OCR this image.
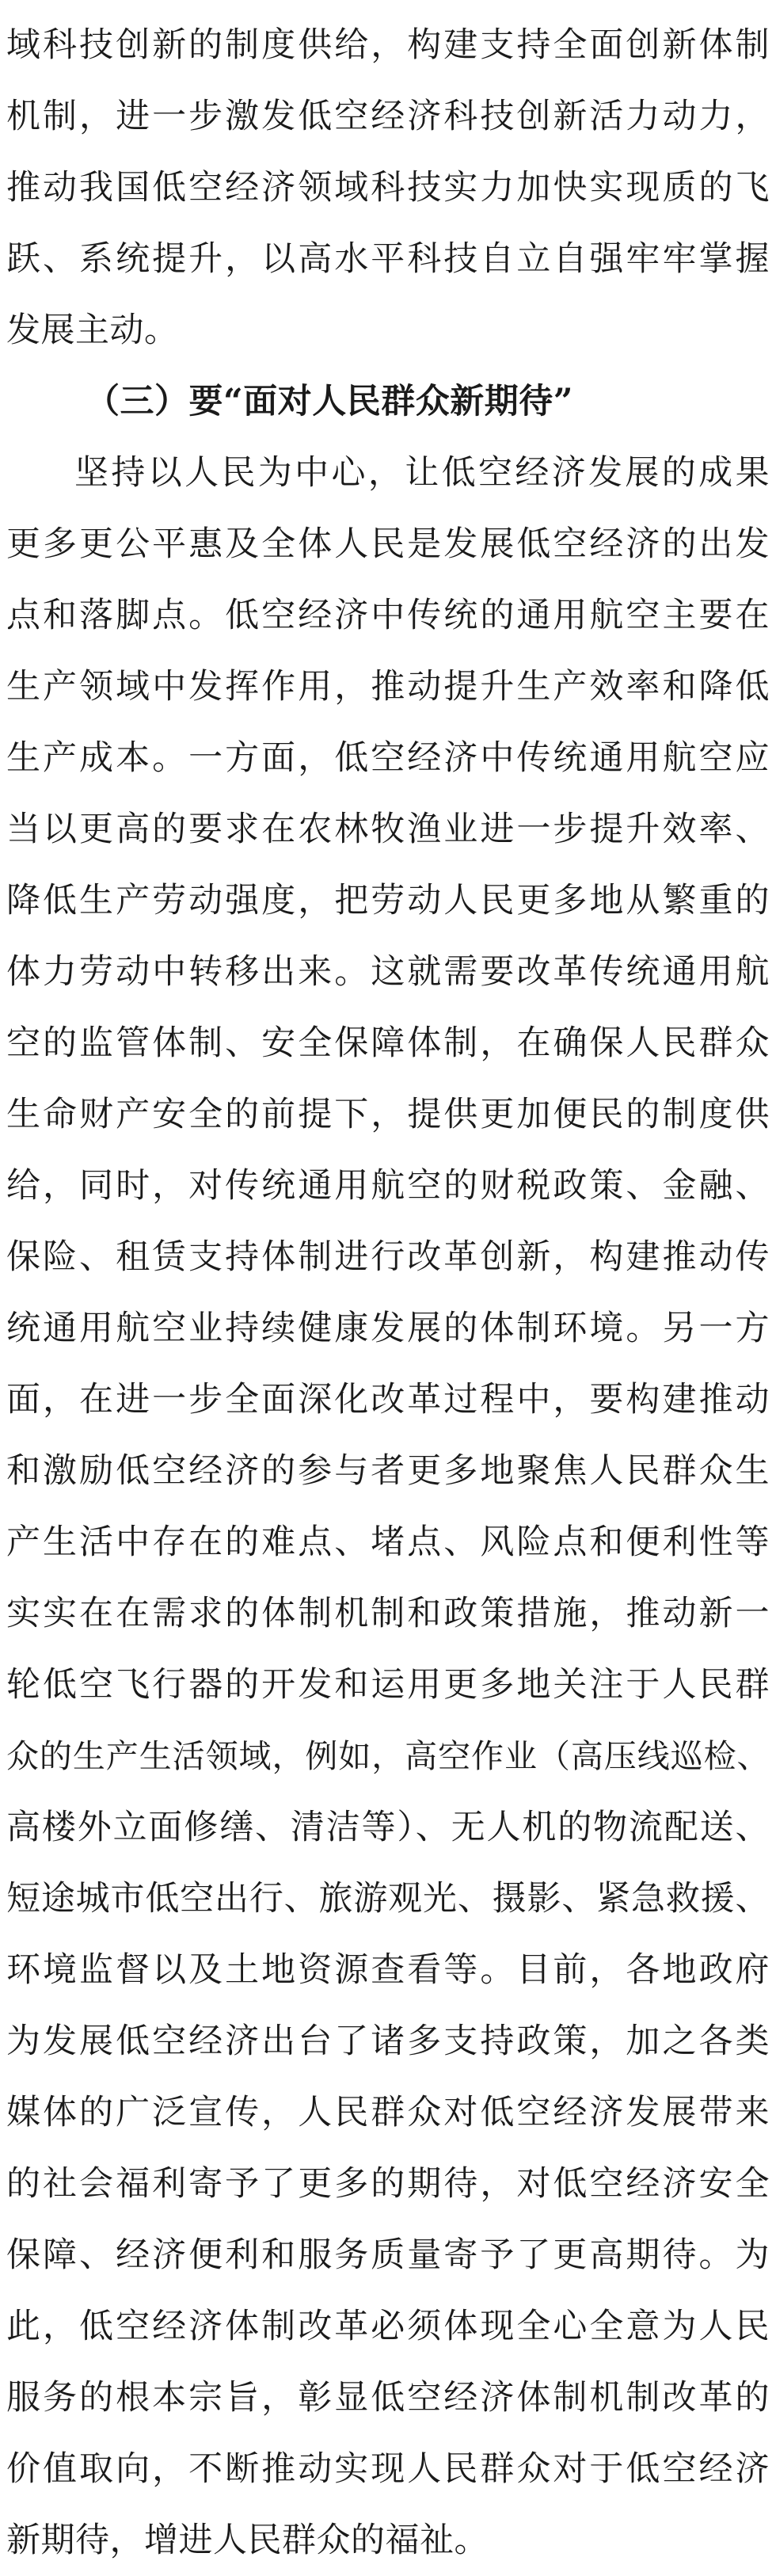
域科技创新的制度供给，构建支持全面创新体制
机制，进一步激发低空经济科技创新活力动力，
推动我国低空经济领域科技实力加快实现质的飞
跃、系统提升，以高水平科技自立自强牢牢掌握
发展主动。
（三）要“面对人民群众新期待”
坚持以人民为中心，让低空经济发展的成果
更多更公平惠及全体人民是发展低空经济的出发
点和落脚点。低空经济中传统的通用航空主要在
生产领域中发挥作用，推动提升生产效率和降低
生产成本。一方面，低空经济中传统通用航空应
当以更高的要求在农林牧渔业进一步提升效率、
降低生产劳动强度，把劳动人民更多地从繁重的
体力劳动中转移出来。这就需要改革传统通用航
空的监管体制、安全保障体制，在确保人民群众
生命财产安全的前提下，提供更加便民的制度供
给，同时，对传统通用航空的财税政策、金融、
保险、租赁支持体制进行改革创新，构建推动传
统通用航空业持续健康发展的体制环境。另一方
面，在进一步全面深化改革过程中，要构建推动
和激励低空经济的参与者更多地聚焦人民群众生
产生活中存在的难点、堵点、风险点和便利性等
实实在在需求的体制机制和政策措施，推动新一
轮低空飞行器的开发和运用更多地关注于人民群
众的生产生活领域，例如，高空作业（高压线巡检、
高楼外立面修缮、清洁等）、无人机的物流配送、
短途城市低空出行、旅游观光、摄影、紧急救援、
环境监督以及土地资源查看等。目前，各地政府
为发展低空经济出台了诸多支持政策，加之各类
媒体的广泛宣传，人民群众对低空经济发展带来
的社会福利寄予了更多的期待，对低空经济安全
保障、经济便利和服务质量寄予了更高期待。为
此，低空经济体制改革必须体现全心全意为人民
服务的根本宗旨，彰显低空经济体制机制改革的
价值取向，不断推动实现人民群众对于低空经济
新期待，增进人民群众的福祉。
